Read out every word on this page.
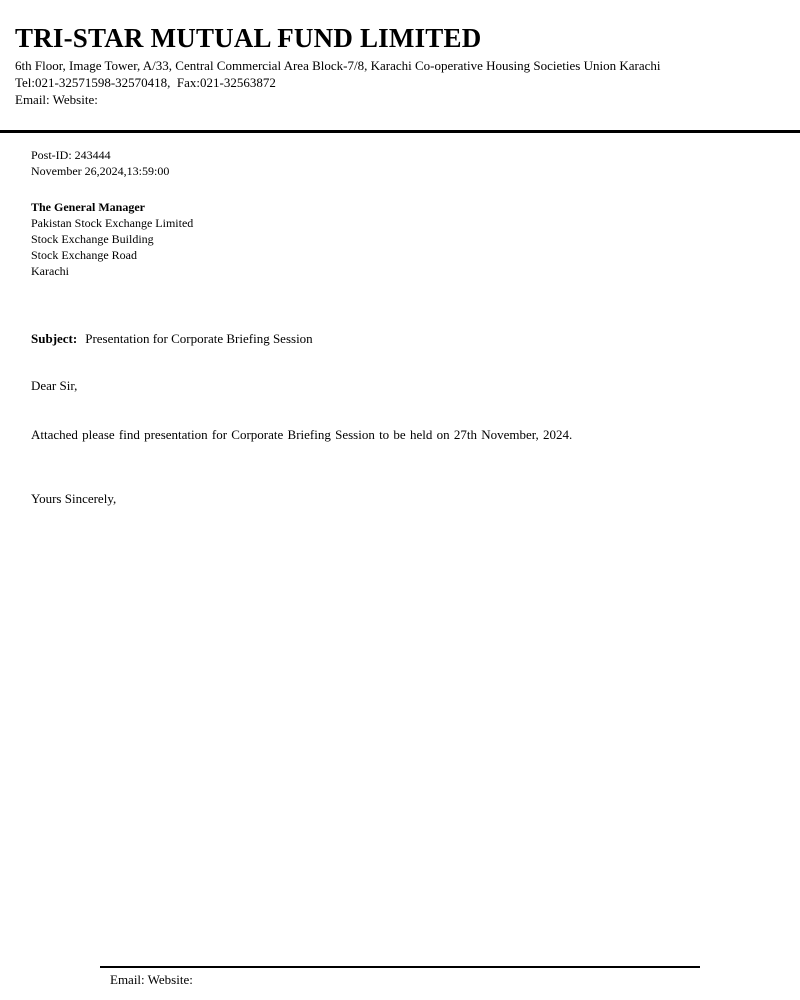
TRI-STAR MUTUAL FUND LIMITED
6th Floor, Image Tower, A/33, Central Commercial Area Block-7/8, Karachi Co-operative Housing Societies Union Karachi
Tel:021-32571598-32570418,  Fax:021-32563872
Email: Website:
Post-ID: 243444
November 26,2024,13:59:00
The General Manager
Pakistan Stock Exchange Limited
Stock Exchange Building
Stock Exchange Road
Karachi
Subject: Presentation for Corporate Briefing Session
Dear Sir,
Attached please find presentation for Corporate Briefing Session to be held on 27th November, 2024.
Yours Sincerely,
Email: Website:
